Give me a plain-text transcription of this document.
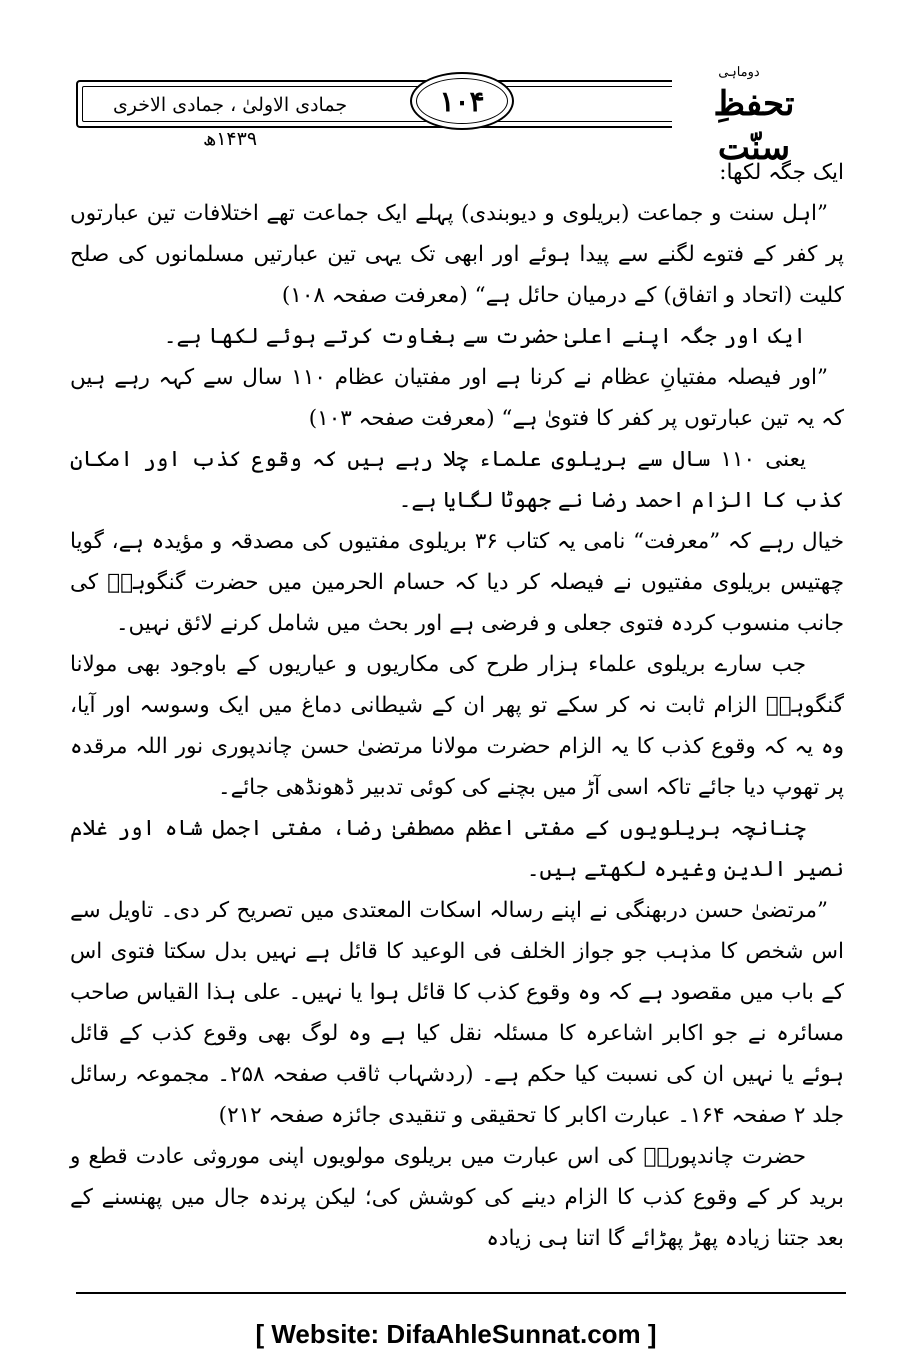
جمادی الاولیٰ ، جمادی الاخری ۱۴۳۹ھ
۱۰۴
دوماہی
تحفظِ سنّت

ایک جگہ لکھا:

”اہل سنت و جماعت (بریلوی و دیوبندی) پہلے ایک جماعت تھے اختلافات تین عبارتوں پر کفر کے فتوے لگنے سے پیدا ہوئے اور ابھی تک یہی تین عبارتیں مسلمانوں کی صلح کلیت (اتحاد و اتفاق) کے درمیان حائل ہے“ (معرفت صفحہ ۱۰۸)

ایک اور جگہ اپنے اعلیٰ حضرت سے بغاوت کرتے ہوئے لکھا ہے۔

”اور فیصلہ مفتیانِ عظام نے کرنا ہے اور مفتیان عظام ۱۱۰ سال سے کہہ رہے ہیں کہ یہ تین عبارتوں پر کفر کا فتویٰ ہے“ (معرفت صفحہ ۱۰۳)

یعنی ۱۱۰ سال سے بریلوی علماء چلا رہے ہیں کہ وقوع کذب اور امکان کذب کا الزام احمد رضا نے جھوٹا لگایا ہے۔

خیال رہے کہ ”معرفت“ نامی یہ کتاب ۳۶ بریلوی مفتیوں کی مصدقہ و مؤیدہ ہے، گویا چھتیس بریلوی مفتیوں نے فیصلہ کر دیا کہ حسام الحرمین میں حضرت گنگوہیؒ کی جانب منسوب کردہ فتوی جعلی و فرضی ہے اور بحث میں شامل کرنے لائق نہیں۔

جب سارے بریلوی علماء ہزار طرح کی مکاریوں و عیاریوں کے باوجود بھی مولانا گنگوہیؒ الزام ثابت نہ کر سکے تو پھر ان کے شیطانی دماغ میں ایک وسوسہ اور آیا، وہ یہ کہ وقوع کذب کا یہ الزام حضرت مولانا مرتضیٰ حسن چاندپوری نور اللہ مرقدہ پر تھوپ دیا جائے تاکہ اسی آڑ میں بچنے کی کوئی تدبیر ڈھونڈھی جائے۔

چنانچہ بریلویوں کے مفتی اعظم مصطفیٰ رضا، مفتی اجمل شاہ اور غلام نصیر الدین وغیرہ لکھتے ہیں۔

”مرتضیٰ حسن دربھنگی نے اپنے رسالہ اسکات المعتدی میں تصریح کر دی۔ تاویل سے اس شخص کا مذہب جو جواز الخلف فی الوعید کا قائل ہے نہیں بدل سکتا فتوی اس کے باب میں مقصود ہے کہ وہ وقوع کذب کا قائل ہوا یا نہیں۔ علی ہذا القیاس صاحب مسائرہ نے جو اکابر اشاعرہ کا مسئلہ نقل کیا ہے وہ لوگ بھی وقوع کذب کے قائل ہوئے یا نہیں ان کی نسبت کیا حکم ہے۔ (ردشہاب ثاقب صفحہ ۲۵۸۔ مجموعہ رسائل جلد ۲ صفحہ ۱۶۴۔ عبارت اکابر کا تحقیقی و تنقیدی جائزہ صفحہ ۲۱۲)

حضرت چاندپوریؒ کی اس عبارت میں بریلوی مولویوں اپنی موروثی عادت قطع و برید کر کے وقوع کذب کا الزام دینے کی کوشش کی؛ لیکن پرندہ جال میں پھنسنے کے بعد جتنا زیادہ پھڑ پھڑائے گا اتنا ہی زیادہ

[ Website: DifaAhleSunnat.com ]
